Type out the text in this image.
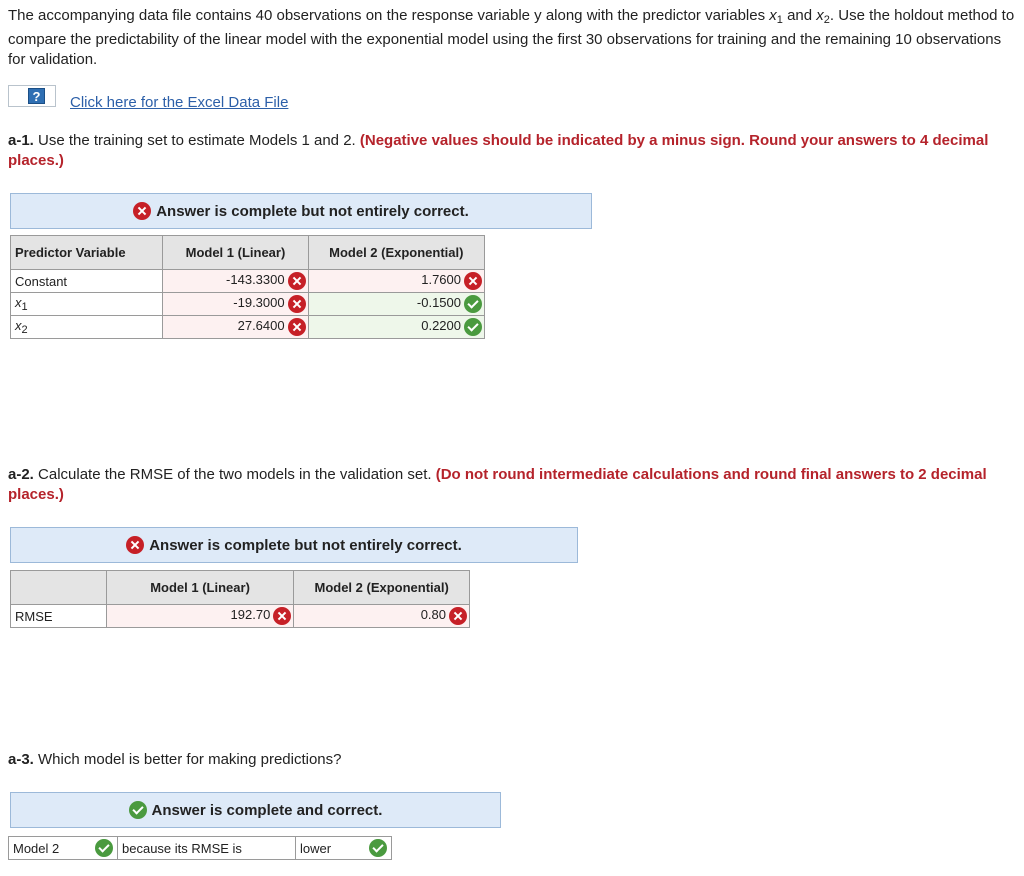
The accompanying data file contains 40 observations on the response variable y along with the predictor variables $x_1$ and $x_2$. Use the holdout method to compare the predictability of the linear model with the exponential model using the first 30 observations for training and the remaining 10 observations for validation.

?	Click here for the Excel Data File
a-1. Use the training set to estimate Models 1 and 2. (Negative values should be indicated by a minus sign. Round your answers to 4 decimal places.)
Answer is complete but not entirely correct.
Predictor Variable	Model 1 (Linear)	Model 2 (Exponential)
Constant	-143.3300	1.7600
$x_1$	-19.3000	-0.1500
$x_2$	27.6400	0.2200
a-2. Calculate the RMSE of the two models in the validation set. (Do not round intermediate calculations and round final answers to 2 decimal places.)
Answer is complete but not entirely correct.
	Model 1 (Linear)	Model 2 (Exponential)
RMSE	192.70	0.80
a-3. Which model is better for making predictions?
Answer is complete and correct.
Model 2	because its RMSE is	lower
